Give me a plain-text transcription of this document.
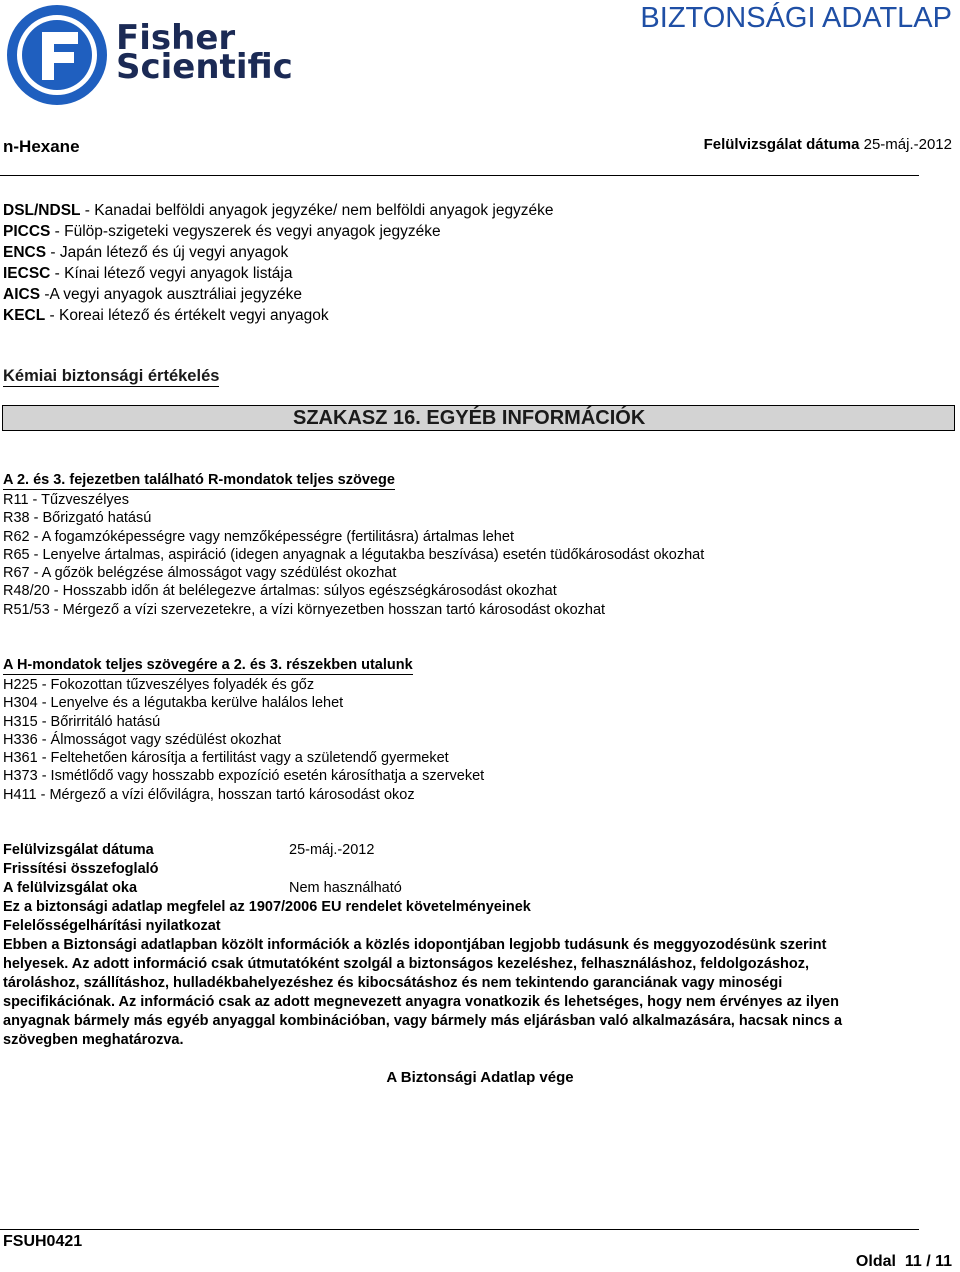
Fisher
Scientific
BIZTONSÁGI ADATLAP
n-Hexane	Felülvizsgálat dátuma 25-máj.-2012
DSL/NDSL - Kanadai belföldi anyagok jegyzéke/ nem belföldi anyagok jegyzéke
PICCS - Fülöp-szigeteki vegyszerek és vegyi anyagok jegyzéke
ENCS - Japán létező és új vegyi anyagok
IECSC - Kínai létező vegyi anyagok listája
AICS -A vegyi anyagok ausztráliai jegyzéke
KECL - Koreai létező és értékelt vegyi anyagok
Kémiai biztonsági értékelés
SZAKASZ 16. EGYÉB INFORMÁCIÓK
A 2. és 3. fejezetben található R-mondatok teljes szövege
R11 - Tűzveszélyes
R38 - Bőrizgató hatású
R62 - A fogamzóképességre vagy nemzőképességre (fertilitásra) ártalmas lehet
R65 - Lenyelve ártalmas, aspiráció (idegen anyagnak a légutakba beszívása) esetén tüdőkárosodást okozhat
R67 - A gőzök belégzése álmosságot vagy szédülést okozhat
R48/20 - Hosszabb időn át belélegezve ártalmas: súlyos egészségkárosodást okozhat
R51/53 - Mérgező a vízi szervezetekre, a vízi környezetben hosszan tartó károsodást okozhat
A H-mondatok teljes szövegére a 2. és 3. részekben utalunk
H225 - Fokozottan tűzveszélyes folyadék és gőz
H304 - Lenyelve és a légutakba kerülve halálos lehet
H315 - Bőrirritáló hatású
H336 - Álmosságot vagy szédülést okozhat
H361 - Feltehetően károsítja a fertilitást vagy a születendő gyermeket
H373 - Ismétlődő vagy hosszabb expozíció esetén károsíthatja a szerveket
H411 - Mérgező a vízi élővilágra, hosszan tartó károsodást okoz
Felülvizsgálat dátuma	25-máj.-2012
Frissítési összefoglaló
A felülvizsgálat oka	Nem használható
Ez a biztonsági adatlap megfelel az 1907/2006 EU rendelet követelményeinek
Felelősségelhárítási nyilatkozat
Ebben a Biztonsági adatlapban közölt információk a közlés idopontjában legjobb tudásunk és meggyozodésünk szerint
helyesek. Az adott információ csak útmutatóként szolgál a biztonságos kezeléshez, felhasználáshoz, feldolgozáshoz,
tároláshoz, szállításhoz, hulladékbahelyezéshez és kibocsátáshoz és nem tekintendo garanciának vagy minoségi
specifikációnak. Az információ csak az adott megnevezett anyagra vonatkozik és lehetséges, hogy nem érvényes az ilyen
anyagnak bármely más egyéb anyaggal kombinációban, vagy bármely más eljárásban való alkalmazására, hacsak nincs a
szövegben meghatározva.
A Biztonsági Adatlap vége
FSUH0421
Oldal 11 / 11
